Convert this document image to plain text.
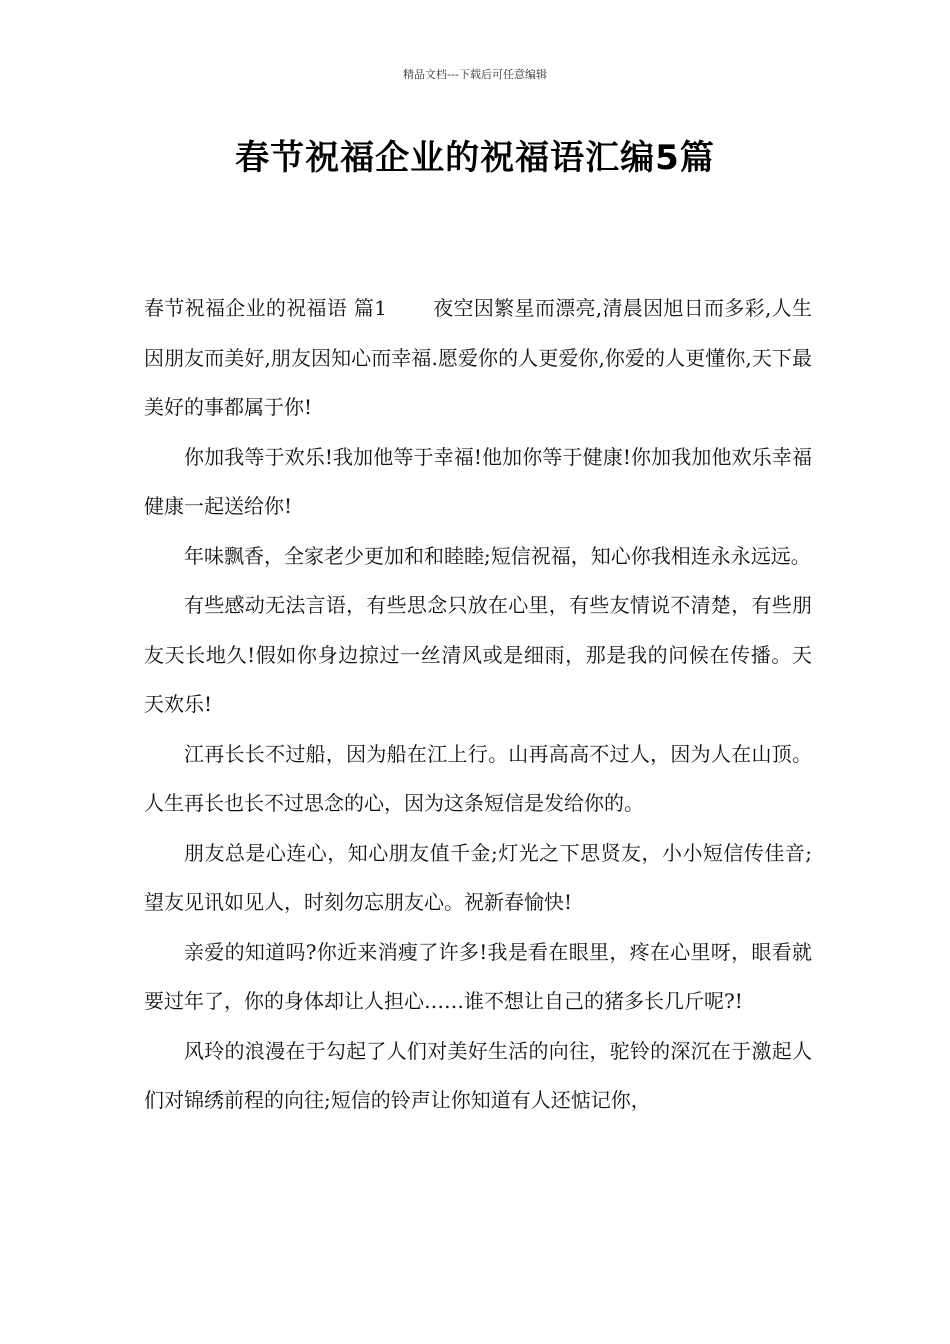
精品文档---下载后可任意编辑
春节祝福企业的祝福语汇编5篇

春节祝福企业的祝福语 篇1 夜空因繁星而漂亮,清晨因旭日而多彩,人生因朋友而美好,朋友因知心而幸福.愿爱你的人更爱你,你爱的人更懂你,天下最美好的事都属于你!

你加我等于欢乐!我加他等于幸福!他加你等于健康!你加我加他欢乐幸福健康一起送给你!

年味飘香，全家老少更加和和睦睦;短信祝福，知心你我相连永永远远。

有些感动无法言语，有些思念只放在心里，有些友情说不清楚，有些朋友天长地久!假如你身边掠过一丝清风或是细雨，那是我的问候在传播。天天欢乐!

江再长长不过船，因为船在江上行。山再高高不过人，因为人在山顶。人生再长也长不过思念的心，因为这条短信是发给你的。

朋友总是心连心，知心朋友值千金;灯光之下思贤友，小小短信传佳音;望友见讯如见人，时刻勿忘朋友心。祝新春愉快!

亲爱的知道吗?你近来消瘦了许多!我是看在眼里，疼在心里呀，眼看就要过年了，你的身体却让人担心……谁不想让自己的猪多长几斤呢?!

风玲的浪漫在于勾起了人们对美好生活的向往，驼铃的深沉在于激起人们对锦绣前程的向往;短信的铃声让你知道有人还惦记你，
